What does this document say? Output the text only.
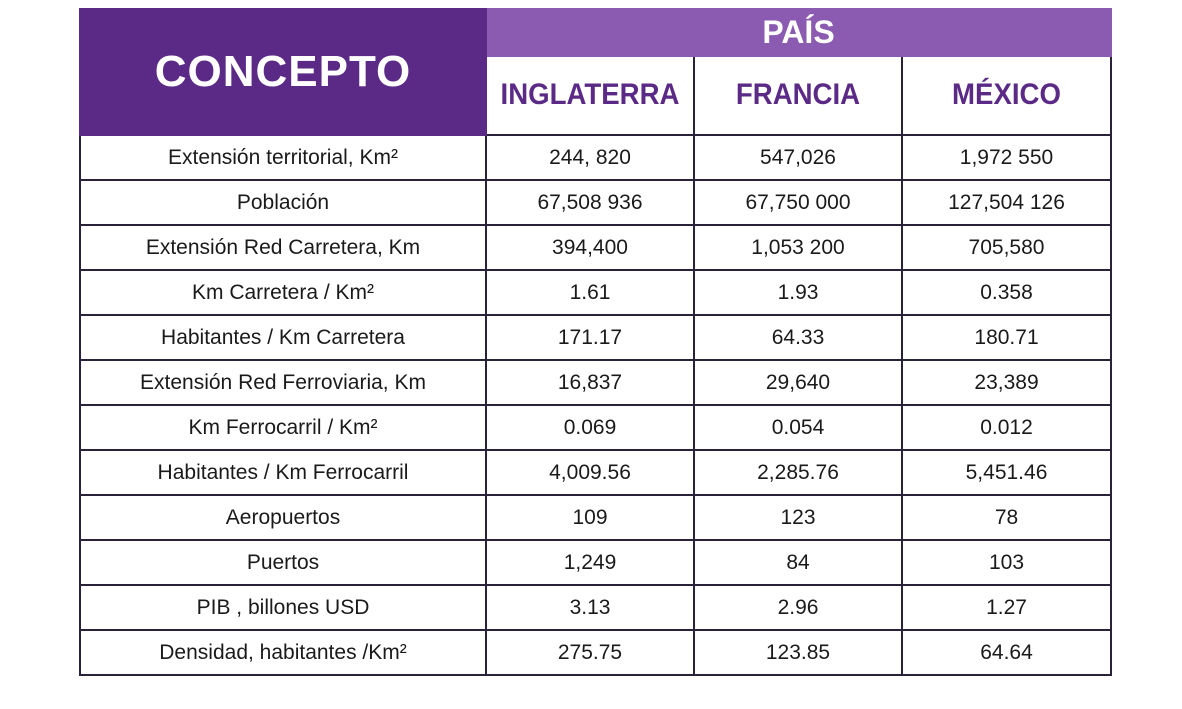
CONCEPTO	PAÍS		
	INGLATERRA	FRANCIA	MÉXICO
Extensión territorial, Km²	244, 820	547,026	1,972 550
Población	67,508 936	67,750 000	127,504 126
Extensión Red Carretera, Km	394,400	1,053 200	705,580
Km Carretera / Km²	1.61	1.93	0.358
Habitantes / Km Carretera	171.17	64.33	180.71
Extensión Red Ferroviaria, Km	16,837	29,640	23,389
Km Ferrocarril / Km²	0.069	0.054	0.012
Habitantes / Km Ferrocarril	4,009.56	2,285.76	5,451.46
Aeropuertos	109	123	78
Puertos	1,249	84	103
PIB , billones USD	3.13	2.96	1.27
Densidad, habitantes /Km²	275.75	123.85	64.64
